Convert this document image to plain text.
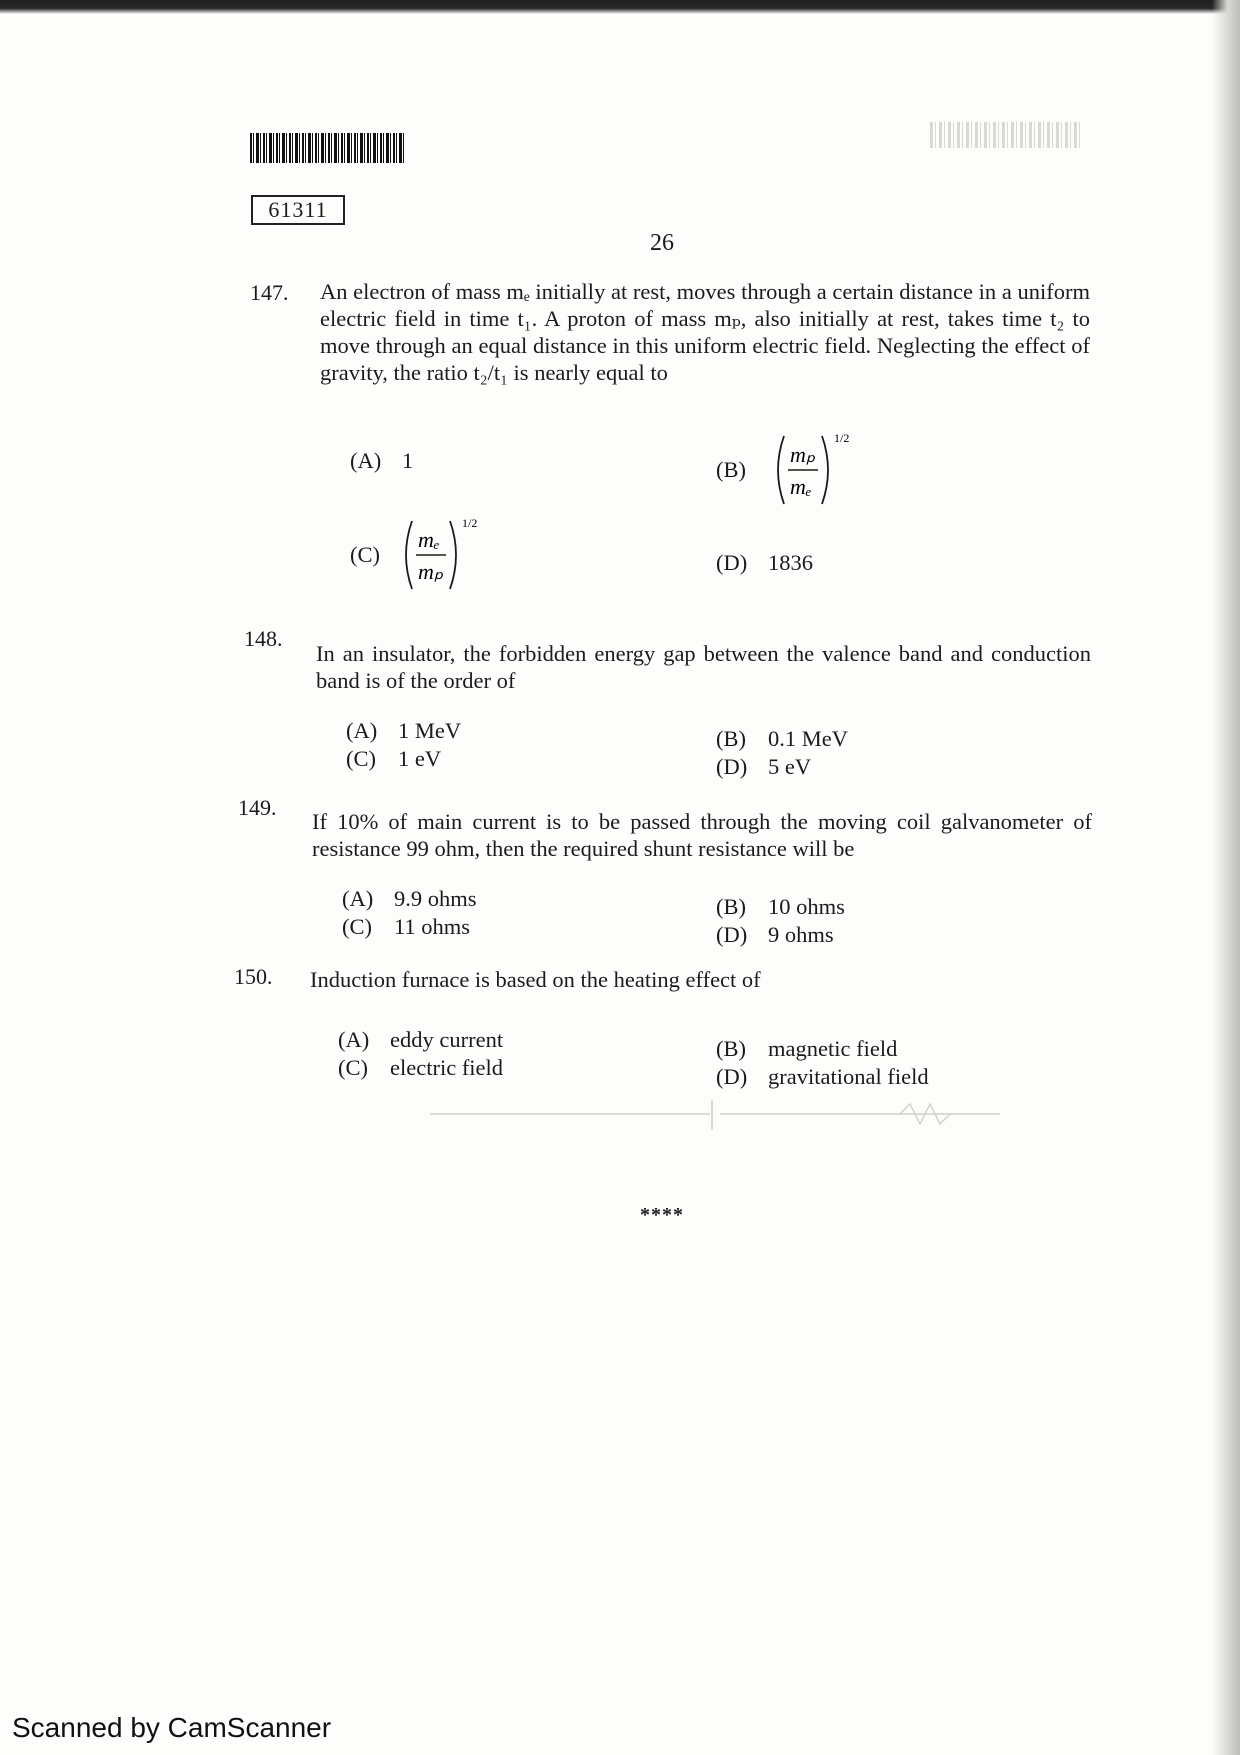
61311
26
147. An electron of mass mₑ initially at rest, moves through a certain distance in a uniform electric field in time t₁. A proton of mass mₚ, also initially at rest, takes time t₂ to move through an equal distance in this uniform electric field. Neglecting the effect of gravity, the ratio t₂/t₁ is nearly equal to
(A) 1	(B)
mₚ
mₑ
1/2
(C)
mₑ
mₚ
1/2
(D) 1836
148.
In an insulator, the forbidden energy gap between the valence band and conduction band is of the order of
(A) 1 MeV
(C) 1 eV
(B) 0.1 MeV
(D) 5 eV
149.
If 10% of main current is to be passed through the moving coil galvanometer of resistance 99 ohm, then the required shunt resistance will be
(A) 9.9 ohms
(C) 11 ohms
(B) 10 ohms
(D) 9 ohms
150. Induction furnace is based on the heating effect of
(A) eddy current
(C) electric field
(B) magnetic field
(D) gravitational field
****
Scanned by CamScanner
